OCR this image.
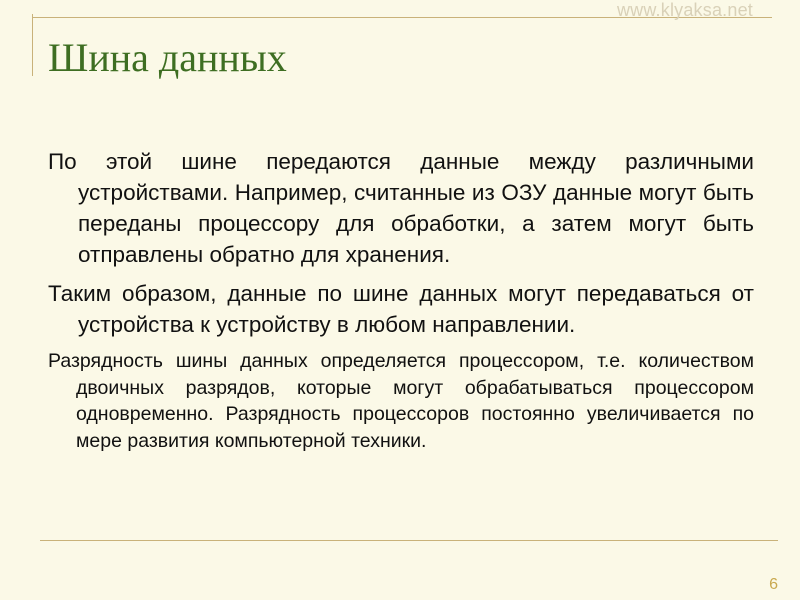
www.klyaksa.net
Шина данных

По этой шине передаются данные между различными устройствами. Например, считанные из ОЗУ данные могут быть переданы процессору для обработки, а затем могут быть отправлены обратно для хранения.

Таким образом, данные по шине данных могут передаваться от устройства к устройству в любом направлении.

Разрядность шины данных определяется процессором, т.е. количеством двоичных разрядов, которые могут обрабатываться процессором одновременно. Разрядность процессоров постоянно увеличивается по мере развития компьютерной техники.

6
